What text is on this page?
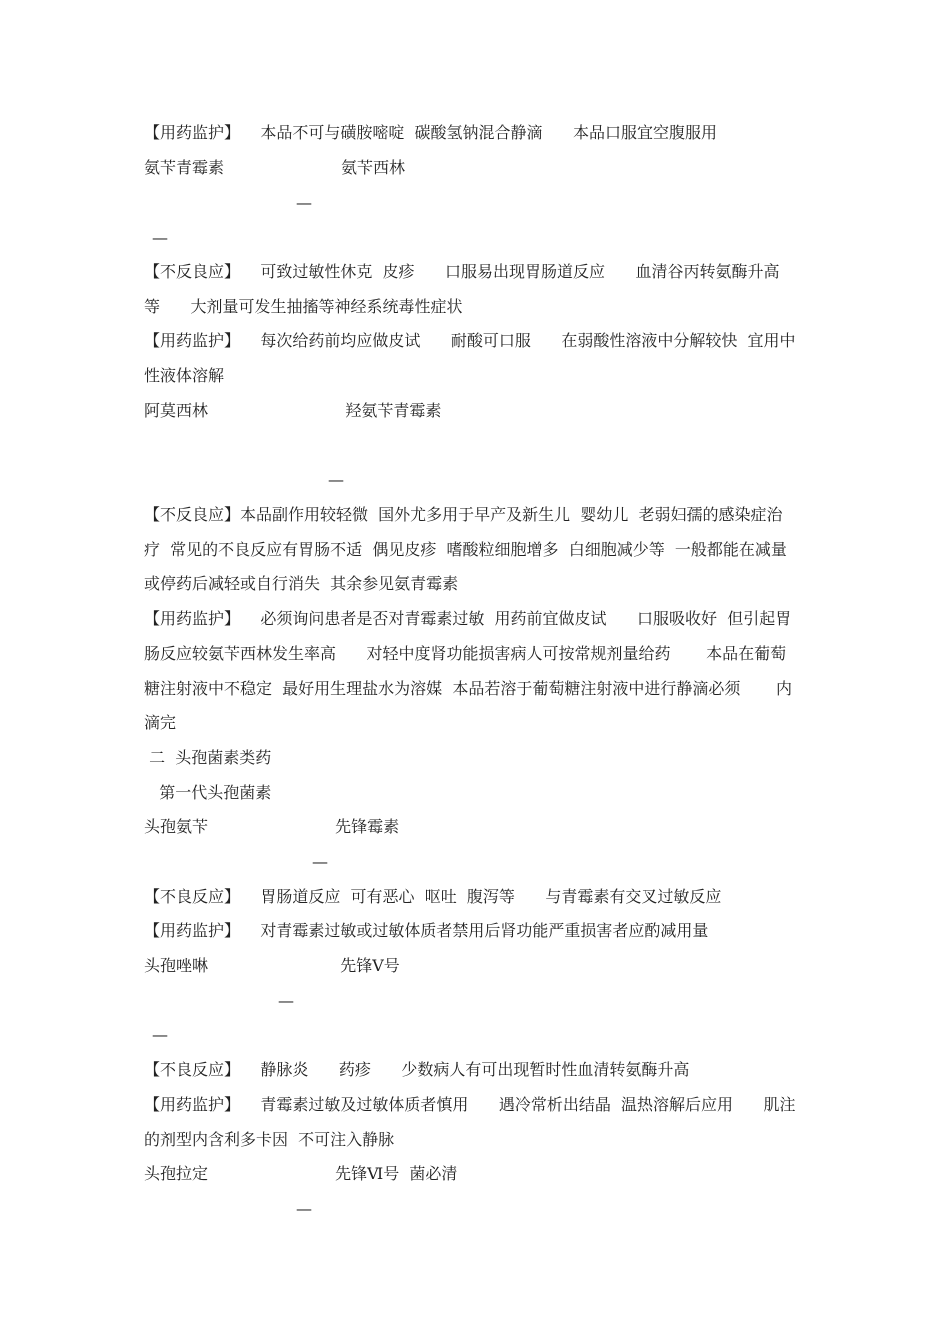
【用药监护】    本品不可与磺胺嘧啶  碳酸氢钠混合静滴      本品口服宜空腹服用
氨苄青霉素                       氨苄西林
—
—
【不反良应】    可致过敏性休克  皮疹      口服易出现胃肠道反应      血清谷丙转氨酶升高
等      大剂量可发生抽搐等神经系统毒性症状
【用药监护】    每次给药前均应做皮试      耐酸可口服      在弱酸性溶液中分解较快  宜用中
性液体溶解
阿莫西林                           羟氨苄青霉素
—
【不反良应】本品副作用较轻微  国外尤多用于早产及新生儿  婴幼儿  老弱妇孺的感染症治
疗  常见的不良反应有胃肠不适  偶见皮疹  嗜酸粒细胞增多  白细胞减少等  一般都能在减量
或停药后减轻或自行消失  其余参见氨青霉素
【用药监护】    必须询问患者是否对青霉素过敏  用药前宜做皮试      口服吸收好  但引起胃
肠反应较氨苄西林发生率高      对轻中度肾功能损害病人可按常规剂量给药       本品在葡萄
糖注射液中不稳定  最好用生理盐水为溶媒  本品若溶于葡萄糖注射液中进行静滴必须       内
滴完
二  头孢菌素类药
第一代头孢菌素
头孢氨苄                         先锋霉素
—
【不良反应】    胃肠道反应  可有恶心  呕吐  腹泻等      与青霉素有交叉过敏反应
【用药监护】    对青霉素过敏或过敏体质者禁用后肾功能严重损害者应酌减用量
头孢唑啉                          先锋Ⅴ号
—
—
【不良反应】    静脉炎      药疹      少数病人有可出现暂时性血清转氨酶升高
【用药监护】    青霉素过敏及过敏体质者慎用      遇冷常析出结晶  温热溶解后应用      肌注
的剂型内含利多卡因  不可注入静脉
头孢拉定                         先锋Ⅵ号  菌必清
—
